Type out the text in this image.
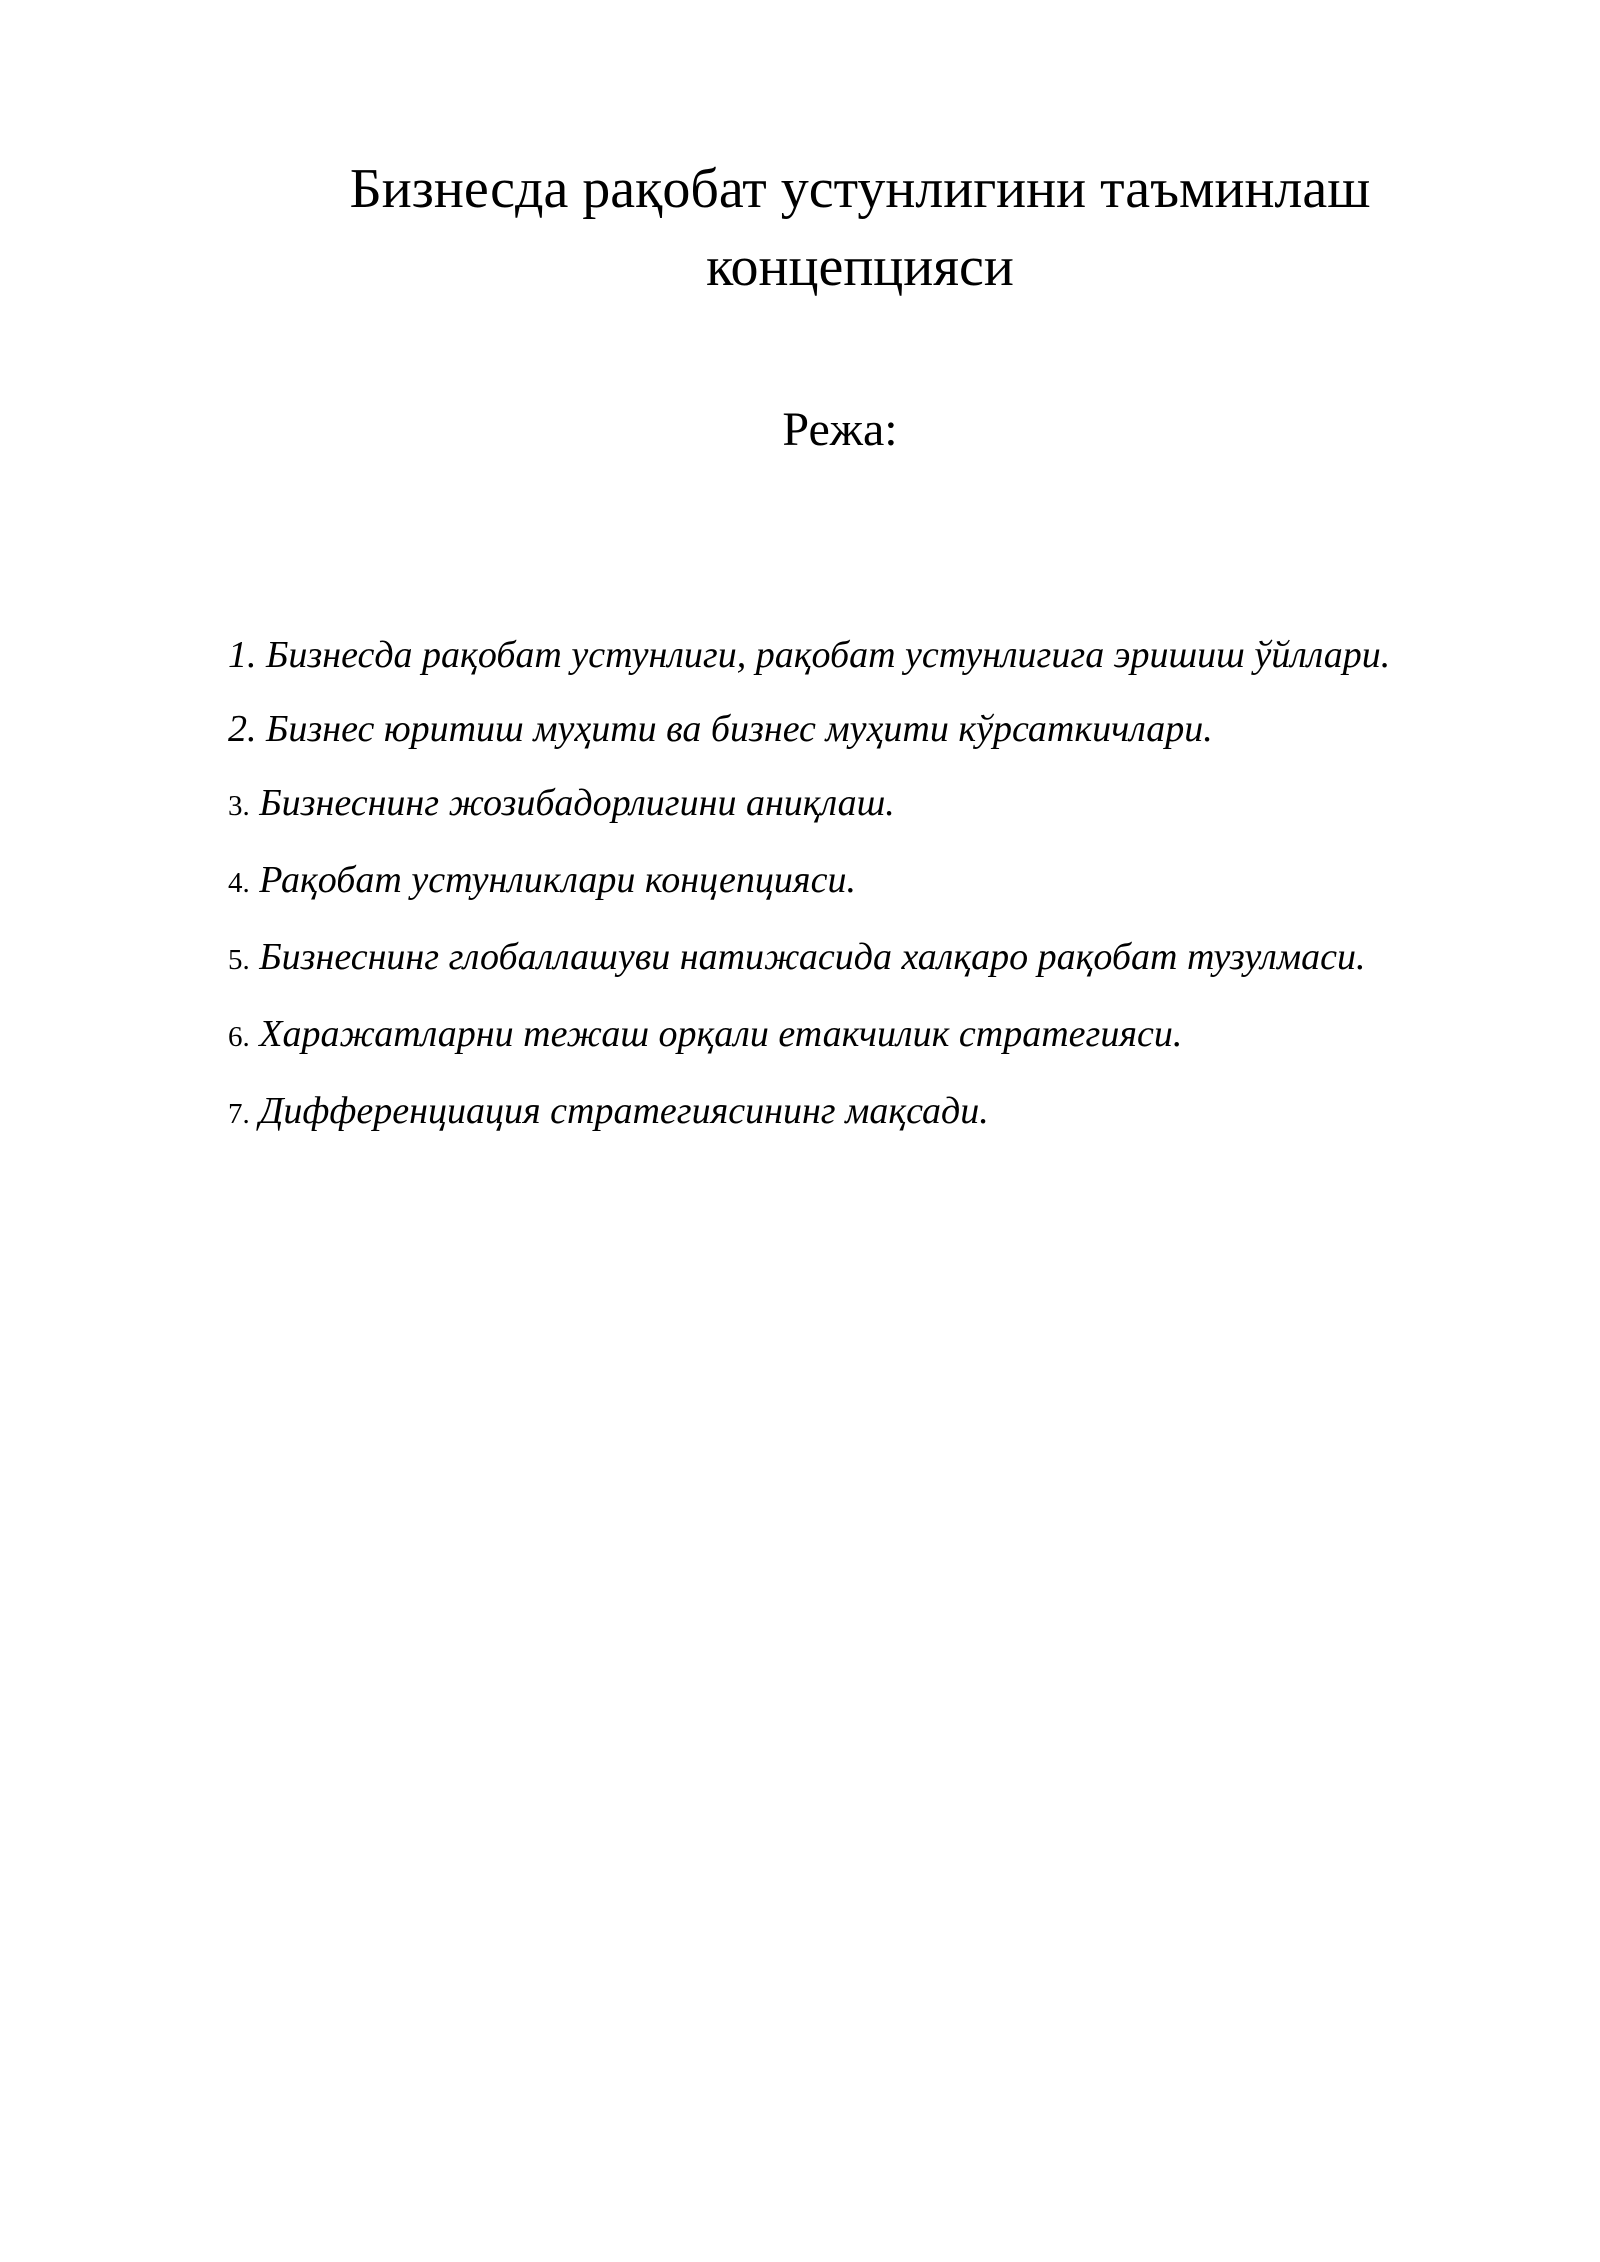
Бизнесда рақобат устунлигини таъминлаш
концепцияси
Режа:
1. Бизнесда рақобат устунлиги, рақобат устунлигига эришиш ўйллари.
2. Бизнес юритиш муҳити ва бизнес муҳити кўрсаткичлари.
3. Бизнеснинг жозибадорлигини аниқлаш.
4. Рақобат устунликлари концепцияси.
5. Бизнеснинг глобаллашуви натижасида халқаро рақобат тузулмаси.
6. Харажатларни тежаш орқали етакчилик стратегияси.
7. Дифференциация стратегиясининг мақсади.
